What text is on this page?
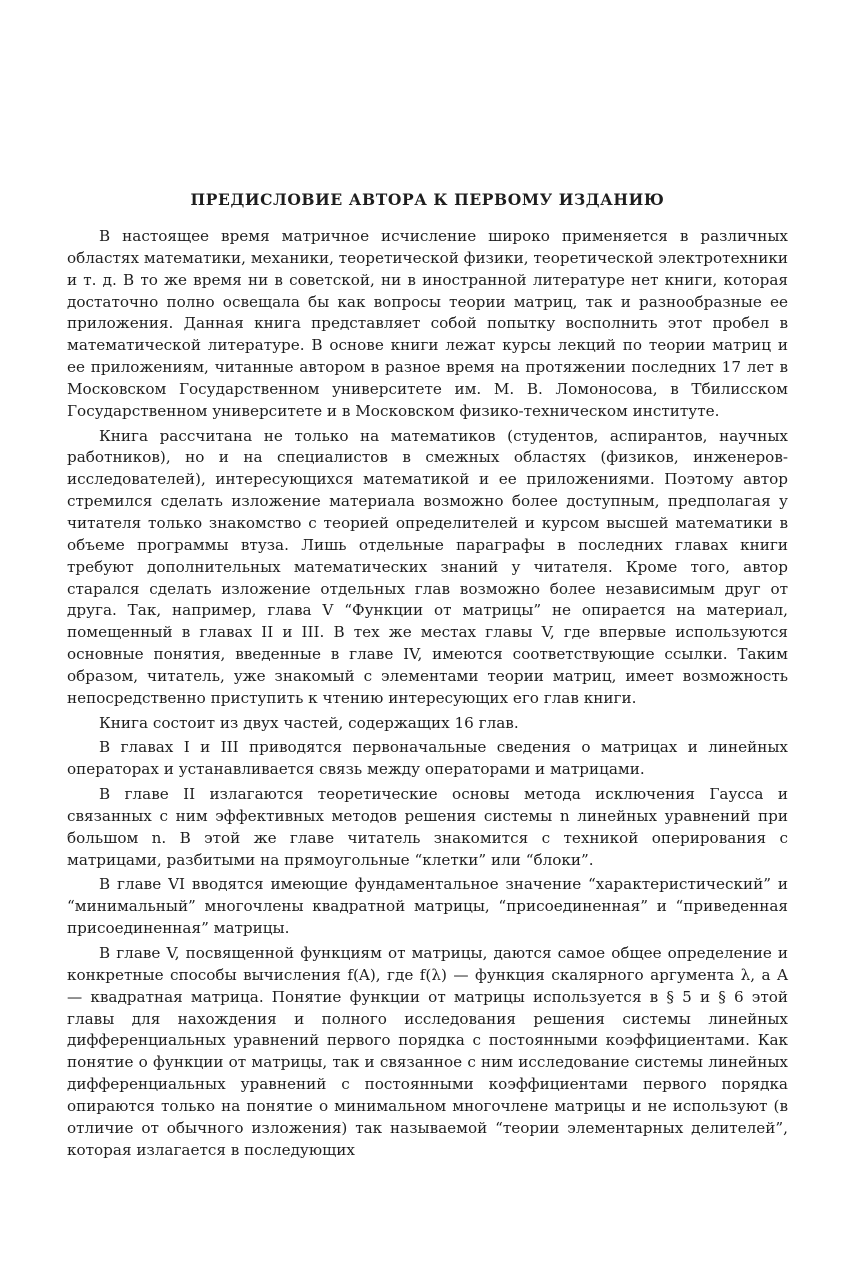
ПРЕДИСЛОВИЕ АВТОРА К ПЕРВОМУ ИЗДАНИЮ

В настоящее время матричное исчисление широко применяется в различных областях математики, механики, теоретической физики, теоретической электротехники и т. д. В то же время ни в советской, ни в иностранной литературе нет книги, которая достаточно полно освещала бы как вопросы теории матриц, так и разнообразные ее приложения. Данная книга представляет собой попытку восполнить этот пробел в математической литературе. В основе книги лежат курсы лекций по теории матриц и ее приложениям, читанные автором в разное время на протяжении последних 17 лет в Московском Государственном университете им. М. В. Ломоносова, в Тбилисском Государственном университете и в Московском физико-техническом институте.

Книга рассчитана не только на математиков (студентов, аспирантов, научных работников), но и на специалистов в смежных областях (физиков, инженеров-исследователей), интересующихся математикой и ее приложениями. Поэтому автор стремился сделать изложение материала возможно более доступным, предполагая у читателя только знакомство с теорией определителей и курсом высшей математики в объеме программы втуза. Лишь отдельные параграфы в последних главах книги требуют дополнительных математических знаний у читателя. Кроме того, автор старался сделать изложение отдельных глав возможно более независимым друг от друга. Так, например, глава V “Функции от матрицы” не опирается на материал, помещенный в главах II и III. В тех же местах главы V, где впервые используются основные понятия, введенные в главе IV, имеются соответствующие ссылки. Таким образом, читатель, уже знакомый с элементами теории матриц, имеет возможность непосредственно приступить к чтению интересующих его глав книги.

Книга состоит из двух частей, содержащих 16 глав.

В главах I и III приводятся первоначальные сведения о матрицах и линейных операторах и устанавливается связь между операторами и матрицами.

В главе II излагаются теоретические основы метода исключения Гаусса и связанных с ним эффективных методов решения системы n линейных уравнений при большом n. В этой же главе читатель знакомится с техникой оперирования с матрицами, разбитыми на прямоугольные “клетки” или “блоки”.

В главе VI вводятся имеющие фундаментальное значение “характеристический” и “минимальный” многочлены квадратной матрицы, “присоединенная” и “приведенная присоединенная” матрицы.

В главе V, посвященной функциям от матрицы, даются самое общее определение и конкретные способы вычисления f(A), где f(λ) — функция скалярного аргумента λ, а A — квадратная матрица. Понятие функции от матрицы используется в § 5 и § 6 этой главы для нахождения и полного исследования решения системы линейных дифференциальных уравнений первого порядка с постоянными коэффициентами. Как понятие о функции от матрицы, так и связанное с ним исследование системы линейных дифференциальных уравнений с постоянными коэффициентами первого порядка опираются только на понятие о минимальном многочлене матрицы и не используют (в отличие от обычного изложения) так называемой “теории элементарных делителей”, которая излагается в последующих
